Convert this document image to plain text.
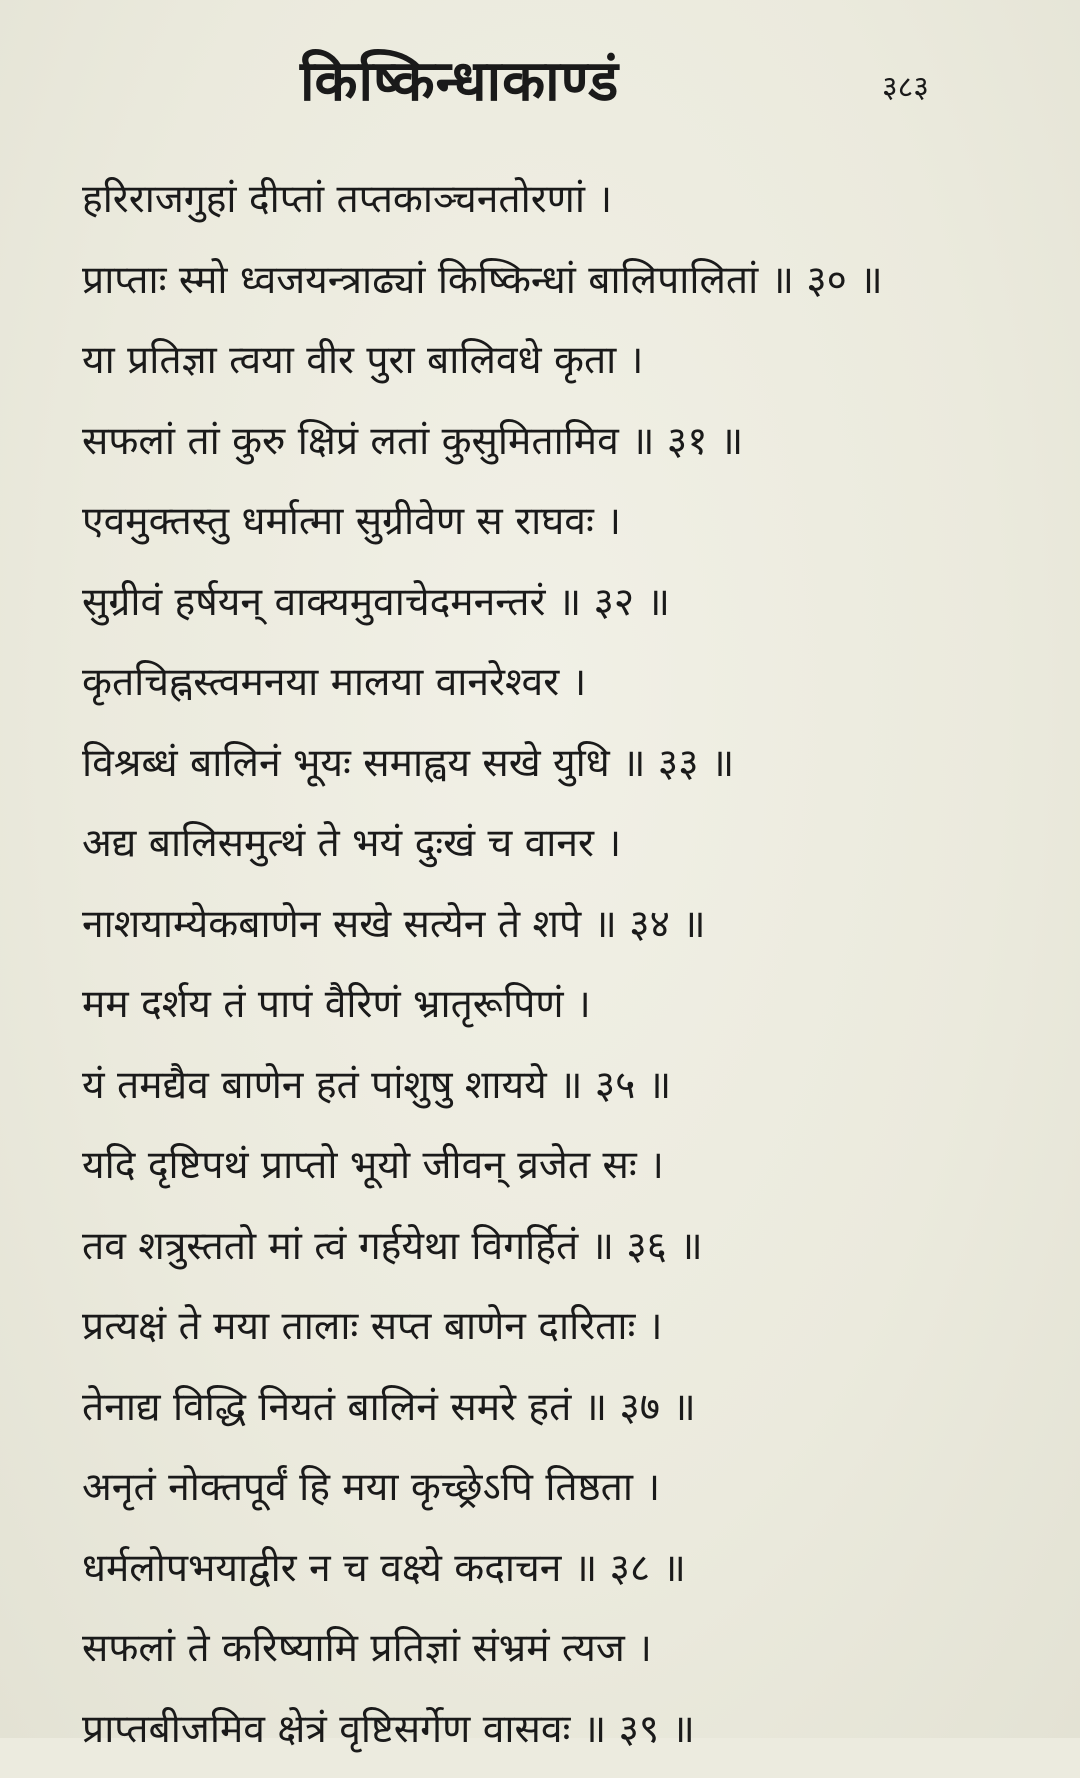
किष्किन्धाकाण्डं	३८३
हरिराजगुहां दीप्तां तप्तकाञ्चनतोरणां ।
प्राप्ताः स्मो ध्वजयन्त्राढ्यां किष्किन्धां बालिपालितां ॥ ३० ॥
या प्रतिज्ञा त्वया वीर पुरा बालिवधे कृता ।
सफलां तां कुरु क्षिप्रं लतां कुसुमितामिव ॥ ३१ ॥
एवमुक्तस्तु धर्मात्मा सुग्रीवेण स राघवः ।
सुग्रीवं हर्षयन् वाक्यमुवाचेदमनन्तरं ॥ ३२ ॥
कृतचिह्नस्त्वमनया मालया वानरेश्वर ।
विश्रब्धं बालिनं भूयः समाह्वय सखे युधि ॥ ३३ ॥
अद्य बालिसमुत्थं ते भयं दुःखं च वानर ।
नाशयाम्येकबाणेन सखे सत्येन ते शपे ॥ ३४ ॥
मम दर्शय तं पापं वैरिणं भ्रातृरूपिणं ।
यं तमद्यैव बाणेन हतं पांशुषु शायये ॥ ३५ ॥
यदि दृष्टिपथं प्राप्तो भूयो जीवन् व्रजेत सः ।
तव शत्रुस्ततो मां त्वं गर्हयेथा विगर्हितं ॥ ३६ ॥
प्रत्यक्षं ते मया तालाः सप्त बाणेन दारिताः ।
तेनाद्य विद्धि नियतं बालिनं समरे हतं ॥ ३७ ॥
अनृतं नोक्तपूर्वं हि मया कृच्छ्रेऽपि तिष्ठता ।
धर्मलोपभयाद्वीर न च वक्ष्ये कदाचन ॥ ३८ ॥
सफलां ते करिष्यामि प्रतिज्ञां संभ्रमं त्यज ।
प्राप्तबीजमिव क्षेत्रं वृष्टिसर्गेण वासवः ॥ ३९ ॥
